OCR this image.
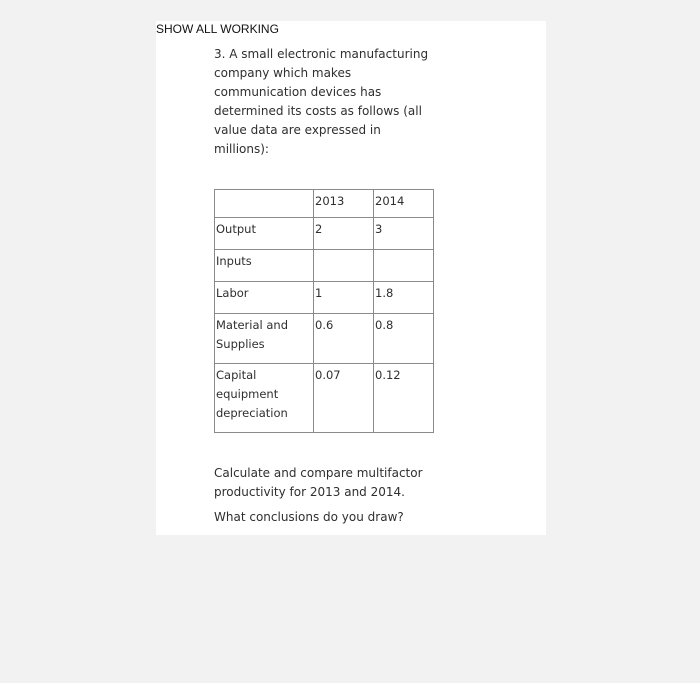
SHOW ALL WORKING
3. A small electronic manufacturing
company which makes
communication devices has
determined its costs as follows (all
value data are expressed in
millions):
	2013	2014

Output	2	3

Inputs		

Labor	1	1.8

Material and
Supplies	0.6	0.8

Capital
equipment
depreciation	0.07	0.12
Calculate and compare multifactor
productivity for 2013 and 2014.
What conclusions do you draw?
